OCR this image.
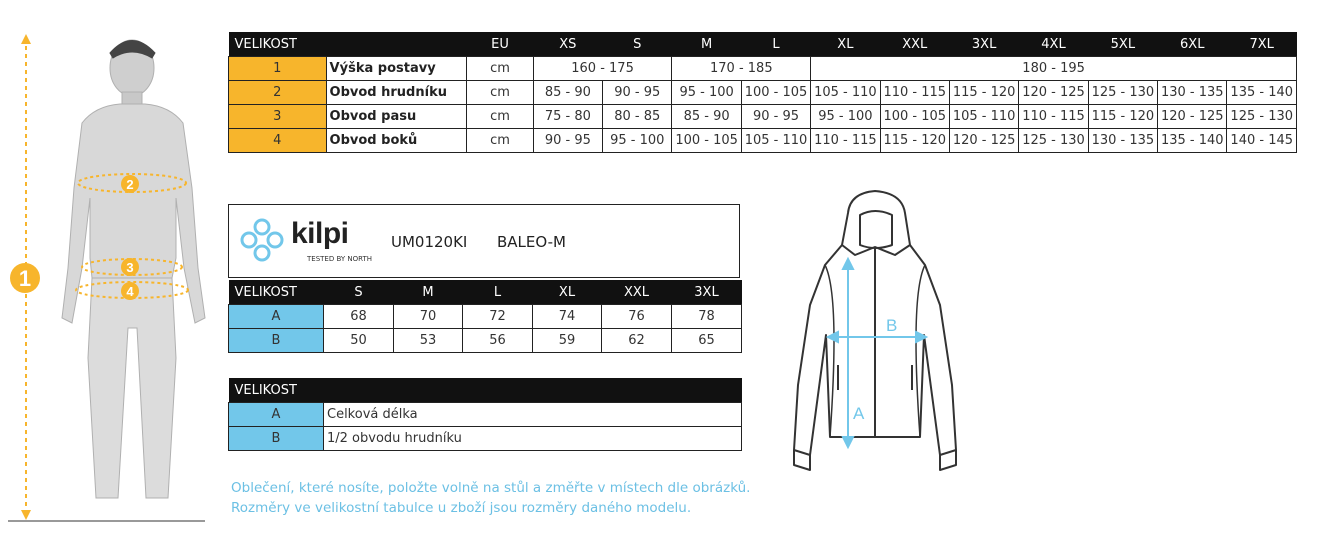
1
2
3
4
VELIKOST		EU	XS	S	M	L	XL	XXL	3XL	4XL	5XL	6XL	7XL
1	Výška postavy	cm	160 - 175		170 - 185		180 - 195						
2	Obvod hrudníku	cm	85 - 90	90 - 95	95 - 100	100 - 105	105 - 110	110 - 115	115 - 120	120 - 125	125 - 130	130 - 135	135 - 140
3	Obvod pasu	cm	75 - 80	80 - 85	85 - 90	90 - 95	95 - 100	100 - 105	105 - 110	110 - 115	115 - 120	120 - 125	125 - 130
4	Obvod boků	cm	90 - 95	95 - 100	100 - 105	105 - 110	110 - 115	115 - 120	120 - 125	125 - 130	130 - 135	135 - 140	140 - 145
kilpi
TESTED BY NORTH
UM0120KI BALEO-M
VELIKOST	S	M	L	XL	XXL	3XL
A	68	70	72	74	76	78
B	50	53	56	59	62	65
VELIKOST	
A	Celková délka
B	1/2 obvodu hrudníku
A
B

Oblečení, které nosíte, položte volně na stůl a změřte v místech dle obrázků.

Rozměry ve velikostní tabulce u zboží jsou rozměry daného modelu.
